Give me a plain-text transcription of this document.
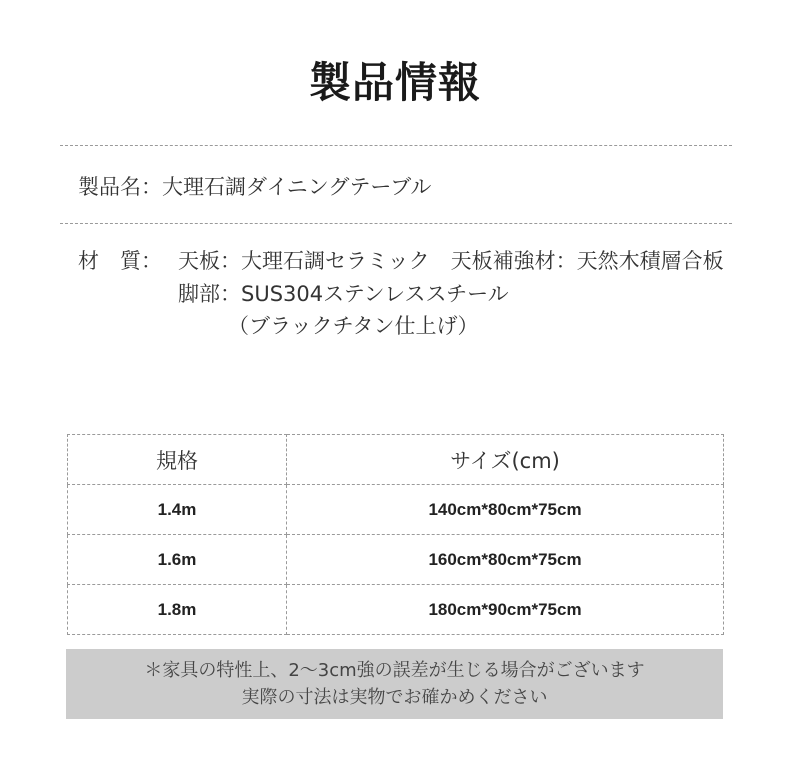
製品情報
製品名：大理石調ダイニングテーブル
材　質： 天板：大理石調セラミック　天板補強材：天然木積層合板
脚部：SUS304ステンレススチール
（ブラックチタン仕上げ）
規格	サイズ(cm)
1.4m	140cm*80cm*75cm
1.6m	160cm*80cm*75cm
1.8m	180cm*90cm*75cm
＊家具の特性上、2～3cm強の誤差が生じる場合がございます
実際の寸法は実物でお確かめください
